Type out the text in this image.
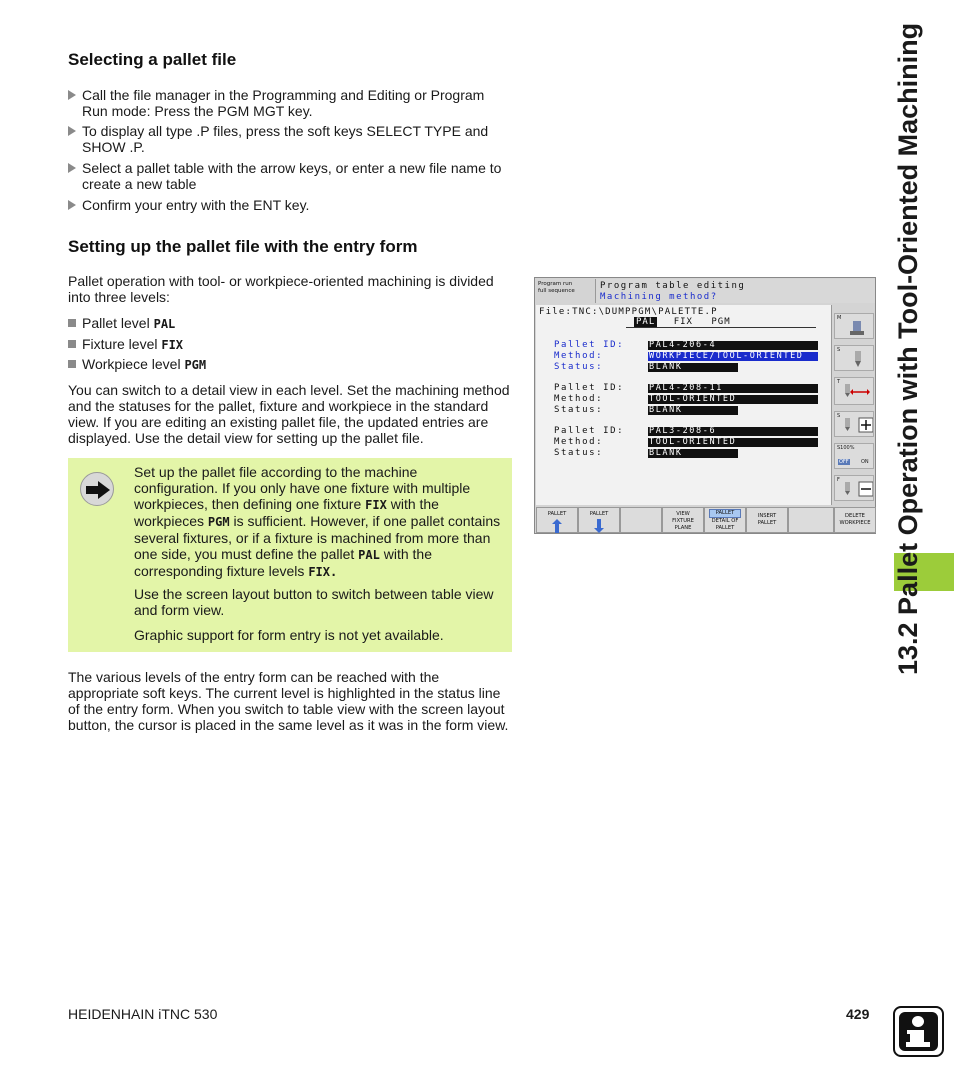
Selecting a pallet file
Call the file manager in the Programming and Editing or Program Run mode: Press the PGM MGT key.
To display all type .P files, press the soft keys SELECT TYPE and SHOW .P.
Select a pallet table with the arrow keys, or enter a new file name to create a new table
Confirm your entry with the ENT key.
Setting up the pallet file with the entry form
Pallet operation with tool- or workpiece-oriented machining is divided into three levels:
Pallet level PAL
Fixture level FIX
Workpiece level PGM
You can switch to a detail view in each level. Set the machining method and the statuses for the pallet, fixture and workpiece in the standard view. If you are editing an existing pallet file, the updated entries are displayed. Use the detail view for setting up the pallet file.

Set up the pallet file according to the machine configuration. If you only have one fixture with multiple workpieces, then defining one fixture FIX with the workpieces PGM is sufficient. However, if one pallet contains several fixtures, or if a fixture is machined from more than one side, you must define the pallet PAL with the corresponding fixture levels FIX.

Use the screen layout button to switch between table view and form view.

Graphic support for form entry is not yet available.

The various levels of the entry form can be reached with the appropriate soft keys. The current level is highlighted in the status line of the entry form. When you switch to table view with the screen layout button, the cursor is placed in the same level as it was in the form view.
Program run
full sequence	Program table editing
Machining method?
File:TNC:\DUMPPGM\PALETTE.P
PAL FIX PGM
Pallet ID:	PAL4-206-4
Method:	WORKPIECE/TOOL-ORIENTED
Status:	BLANK
Pallet ID:	PAL4-208-11
Method:	TOOL-ORIENTED
Status:	BLANK
Pallet ID:	PAL3-208-6
Method:	TOOL-ORIENTED
Status:	BLANK
M
S
T
S
S100%
OFF ON
F
PALLET	PALLET	VIEW
FIXTURE
PLANE
PALLET
DETAIL OF
PALLET
INSERT
PALLET
DELETE
WORKPIECE 13.2 Pallet Operation with Tool-Oriented Machining
HEIDENHAIN iTNC 530	429
